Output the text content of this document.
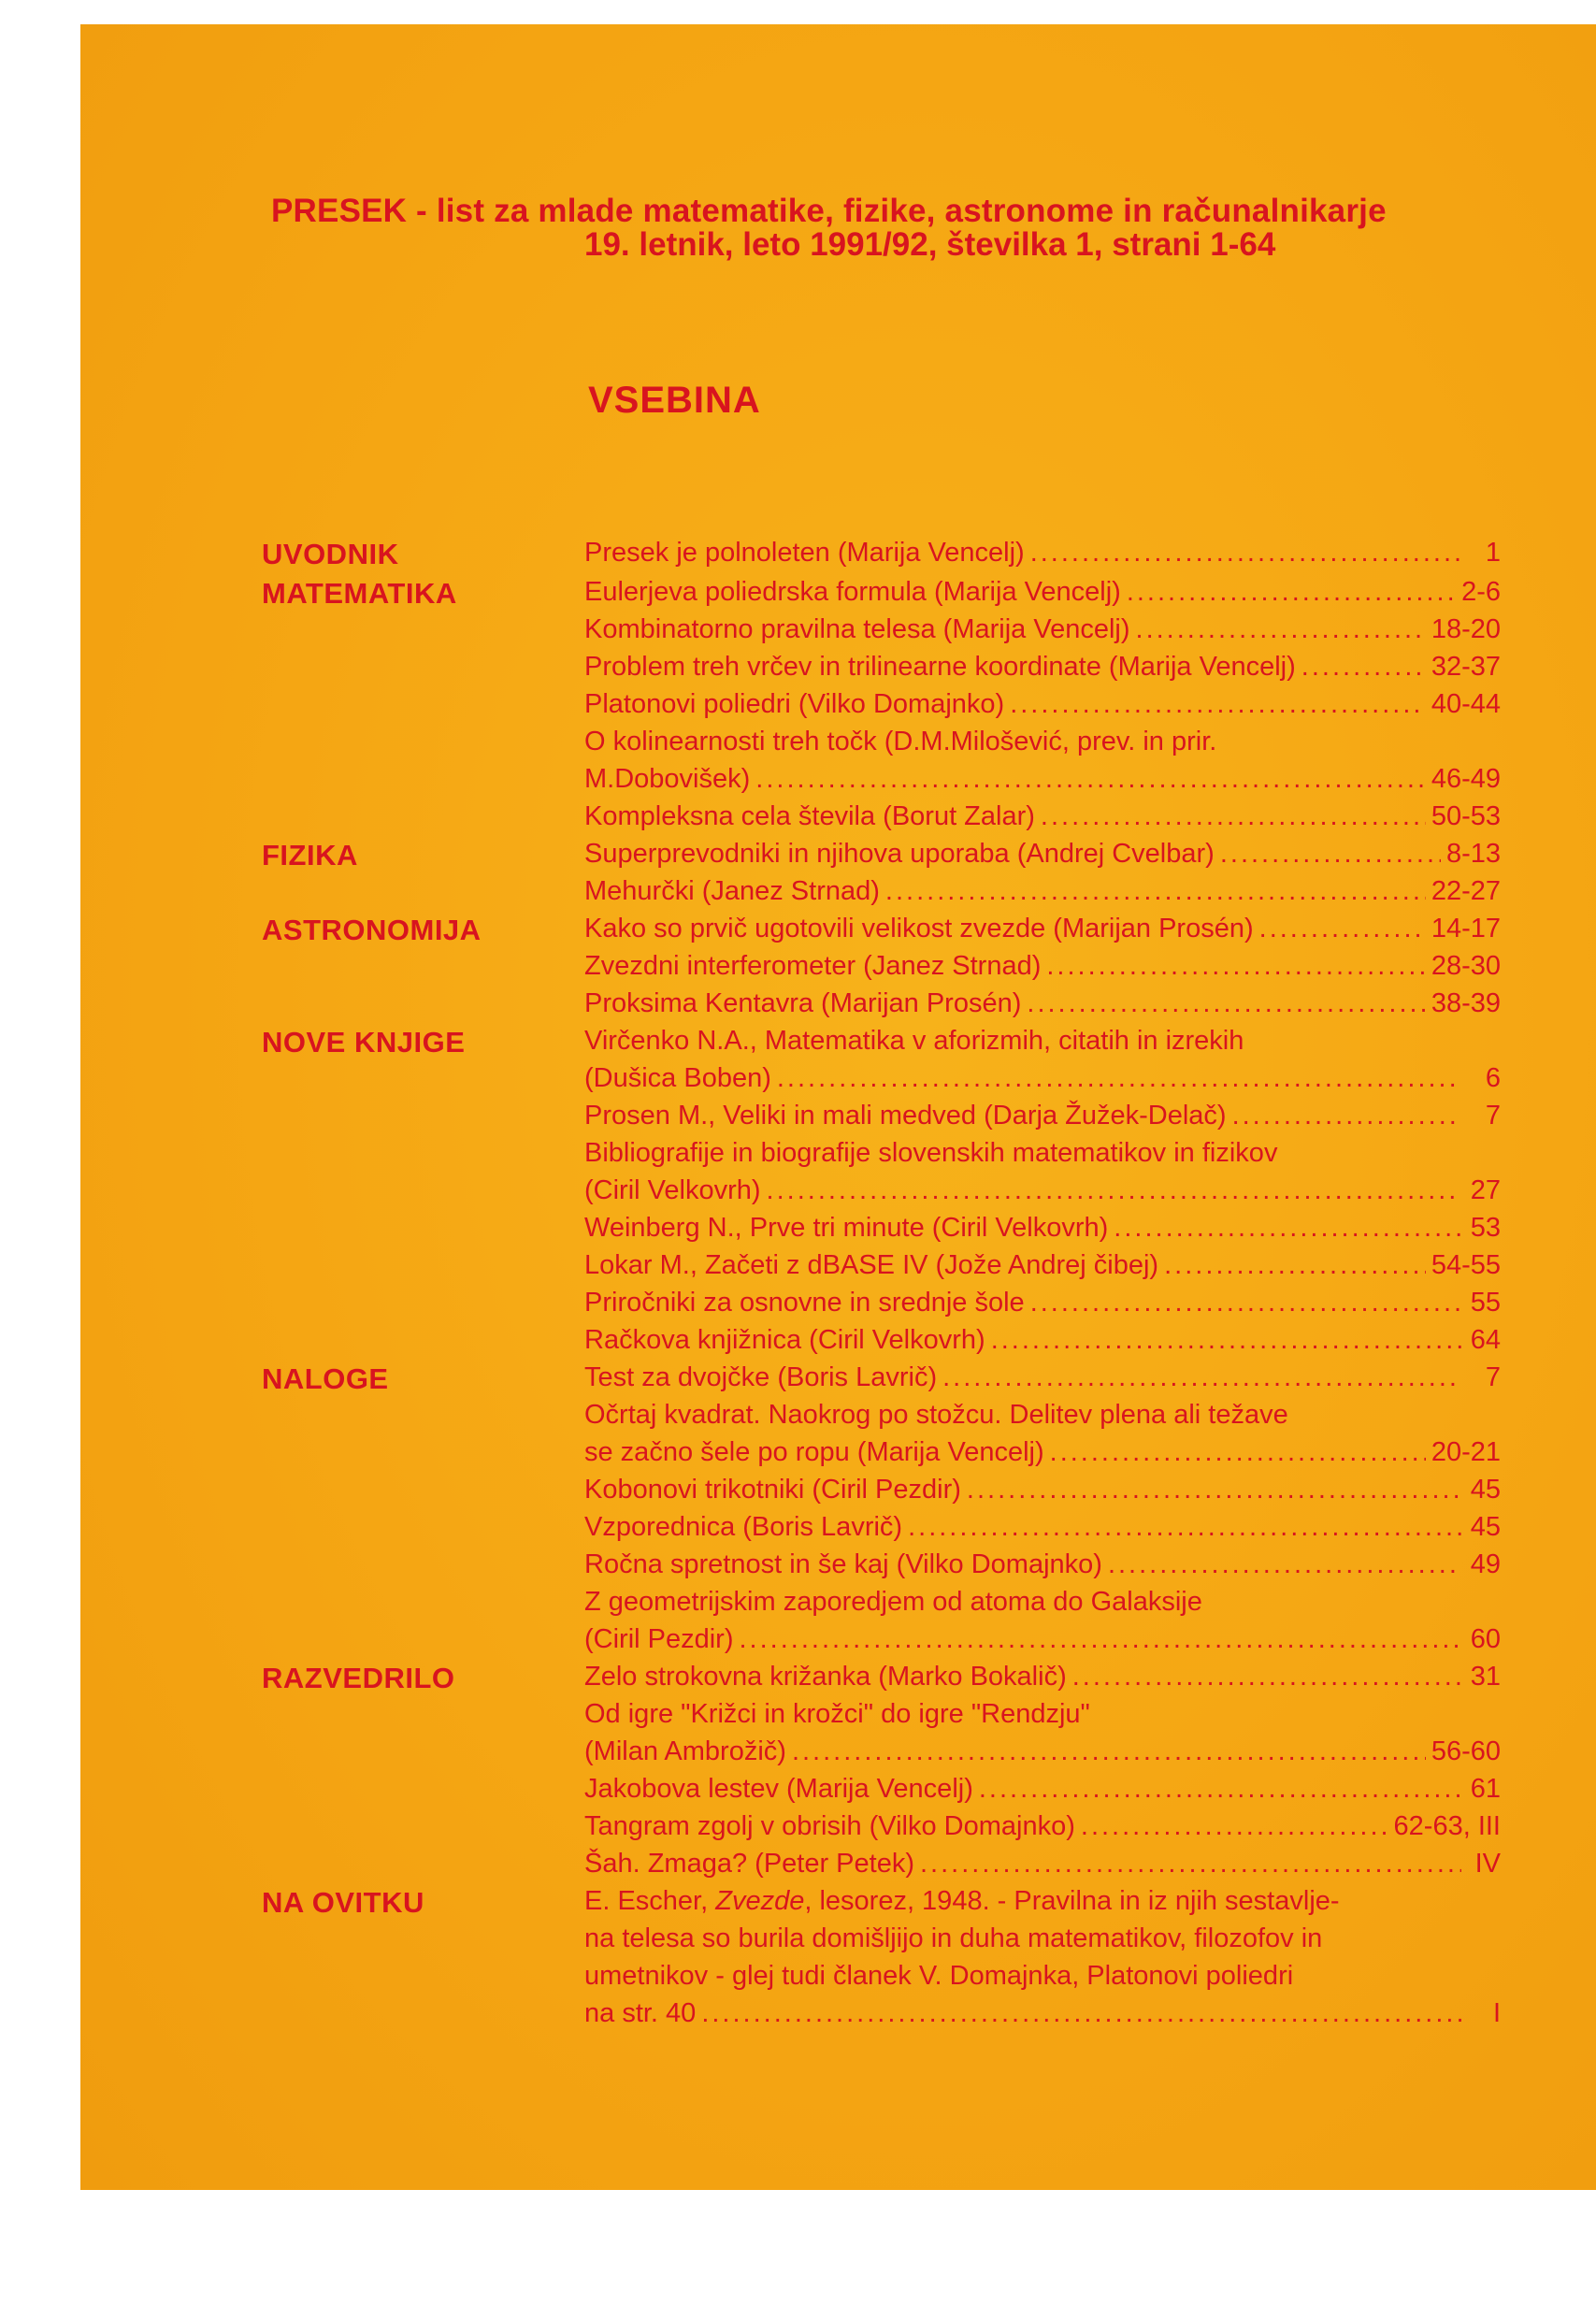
PRESEK - list za mlade matematike, fizike, astronome in računalnikarje
19. letnik, leto 1991/92, številka 1, strani 1-64
VSEBINA
UVODNIK	Presek je polnoleten (Marija Vencelj) .....	1
MATEMATIKA	Eulerjeva poliedrska formula (Marija Vencelj) .....	2-6
Kombinatorno pravilna telesa (Marija Vencelj) .....	18-20
Problem treh vrčev in trilinearne koordinate (Marija Vencelj) .....	32-37
Platonovi poliedri (Vilko Domajnko) .....	40-44
O kolinearnosti treh točk (D.M.Milošević, prev. in prir.
M.Dobovišek) .....	46-49
Kompleksna cela števila (Borut Zalar) .....	50-53
FIZIKA	Superprevodniki in njihova uporaba (Andrej Cvelbar) .....	8-13
Mehurčki (Janez Strnad) .....	22-27
ASTRONOMIJA	Kako so prvič ugotovili velikost zvezde (Marijan Prosén) .....	14-17
Zvezdni interferometer (Janez Strnad) .....	28-30
Proksima Kentavra (Marijan Prosén) .....	38-39
NOVE KNJIGE	Virčenko N.A., Matematika v aforizmih, citatih in izrekih
(Dušica Boben) .....	6
Prosen M., Veliki in mali medved (Darja Žužek-Delač) .....	7
Bibliografije in biografije slovenskih matematikov in fizikov
(Ciril Velkovrh) .....	27
Weinberg N., Prve tri minute (Ciril Velkovrh) .....	53
Lokar M., Začeti z dBASE IV (Jože Andrej čibej) .....	54-55
Priročniki za osnovne in srednje šole .....	55
Račkova knjižnica (Ciril Velkovrh) .....	64
NALOGE	Test za dvojčke (Boris Lavrič) .....	7
Očrtaj kvadrat. Naokrog po stožcu. Delitev plena ali težave
se začno šele po ropu (Marija Vencelj) .....	20-21
Kobonovi trikotniki (Ciril Pezdir) .....	45
Vzporednica (Boris Lavrič) .....	45
Ročna spretnost in še kaj (Vilko Domajnko) .....	49
Z geometrijskim zaporedjem od atoma do Galaksije
(Ciril Pezdir) .....	60
RAZVEDRILO	Zelo strokovna križanka (Marko Bokalič) .....	31
Od igre "Križci in krožci" do igre "Rendzju"
(Milan Ambrožič) .....	56-60
Jakobova lestev (Marija Vencelj) .....	61
Tangram zgolj v obrisih (Vilko Domajnko) .....	62-63, III
Šah. Zmaga? (Peter Petek) .....	IV
NA OVITKU	E. Escher, Zvezde, lesorez, 1948. - Pravilna in iz njih sestavlje-
na telesa so burila domišljijo in duha matematikov, filozofov in
umetnikov - glej tudi članek V. Domajnka, Platonovi poliedri
na str. 40 .....	I
